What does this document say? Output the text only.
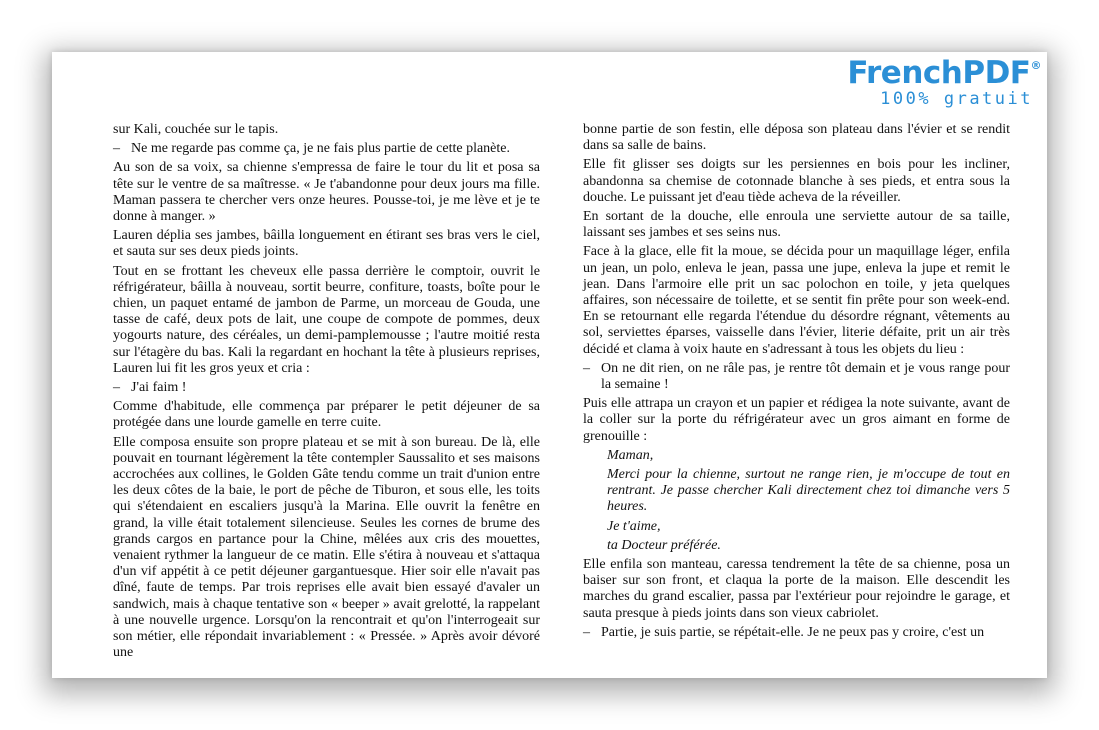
FrenchPDF®
100% gratuit

sur Kali, couchée sur le tapis.

– Ne me regarde pas comme ça, je ne fais plus partie de cette planète.

Au son de sa voix, sa chienne s'empressa de faire le tour du lit et posa sa tête sur le ventre de sa maîtresse. « Je t'abandonne pour deux jours ma fille. Maman passera te chercher vers onze heures. Pousse-toi, je me lève et je te donne à manger. »

Lauren déplia ses jambes, bâilla longuement en étirant ses bras vers le ciel, et sauta sur ses deux pieds joints.

Tout en se frottant les cheveux elle passa derrière le comptoir, ouvrit le réfrigérateur, bâilla à nouveau, sortit beurre, confiture, toasts, boîte pour le chien, un paquet entamé de jambon de Parme, un morceau de Gouda, une tasse de café, deux pots de lait, une coupe de compote de pommes, deux yogourts nature, des céréales, un demi-pamplemousse ; l'autre moitié resta sur l'étagère du bas. Kali la regardant en hochant la tête à plusieurs reprises, Lauren lui fit les gros yeux et cria :

– J'ai faim !

Comme d'habitude, elle commença par préparer le petit déjeuner de sa protégée dans une lourde gamelle en terre cuite.

Elle composa ensuite son propre plateau et se mit à son bureau. De là, elle pouvait en tournant légèrement la tête contempler Saussalito et ses maisons accrochées aux collines, le Golden Gâte tendu comme un trait d'union entre les deux côtes de la baie, le port de pêche de Tiburon, et sous elle, les toits qui s'étendaient en escaliers jusqu'à la Marina. Elle ouvrit la fenêtre en grand, la ville était totalement silencieuse. Seules les cornes de brume des grands cargos en partance pour la Chine, mêlées aux cris des mouettes, venaient rythmer la langueur de ce matin. Elle s'étira à nouveau et s'attaqua d'un vif appétit à ce petit déjeuner gargantuesque. Hier soir elle n'avait pas dîné, faute de temps. Par trois reprises elle avait bien essayé d'avaler un sandwich, mais à chaque tentative son « beeper » avait grelotté, la rappelant à une nouvelle urgence. Lorsqu'on la rencontrait et qu'on l'interrogeait sur son métier, elle répondait invariablement : « Pressée. » Après avoir dévoré une

bonne partie de son festin, elle déposa son plateau dans l'évier et se rendit dans sa salle de bains.

Elle fit glisser ses doigts sur les persiennes en bois pour les incliner, abandonna sa chemise de cotonnade blanche à ses pieds, et entra sous la douche. Le puissant jet d'eau tiède acheva de la réveiller.

En sortant de la douche, elle enroula une serviette autour de sa taille, laissant ses jambes et ses seins nus.

Face à la glace, elle fit la moue, se décida pour un maquillage léger, enfila un jean, un polo, enleva le jean, passa une jupe, enleva la jupe et remit le jean. Dans l'armoire elle prit un sac polochon en toile, y jeta quelques affaires, son nécessaire de toilette, et se sentit fin prête pour son week-end. En se retournant elle regarda l'étendue du désordre régnant, vêtements au sol, serviettes éparses, vaisselle dans l'évier, literie défaite, prit un air très décidé et clama à voix haute en s'adressant à tous les objets du lieu :

– On ne dit rien, on ne râle pas, je rentre tôt demain et je vous range pour la semaine !

Puis elle attrapa un crayon et un papier et rédigea la note suivante, avant de la coller sur la porte du réfrigérateur avec un gros aimant en forme de grenouille :

Maman,

Merci pour la chienne, surtout ne range rien, je m'occupe de tout en rentrant. Je passe chercher Kali directement chez toi dimanche vers 5 heures.

Je t'aime,

ta Docteur préférée.

Elle enfila son manteau, caressa tendrement la tête de sa chienne, posa un baiser sur son front, et claqua la porte de la maison. Elle descendit les marches du grand escalier, passa par l'extérieur pour rejoindre le garage, et sauta presque à pieds joints dans son vieux cabriolet.

– Partie, je suis partie, se répétait-elle. Je ne peux pas y croire, c'est un
